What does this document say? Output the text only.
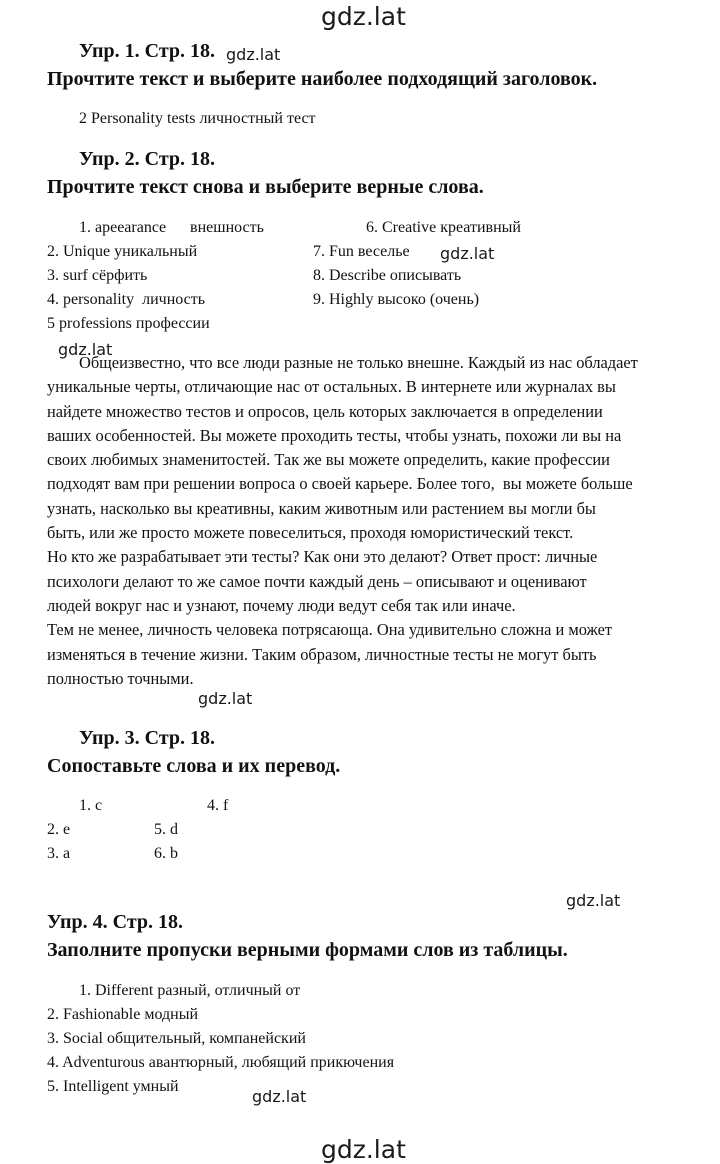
gdz.lat
gdz.lat
gdz.lat
gdz.lat
gdz.lat
gdz.lat
gdz.lat
gdz.lat
Упр. 1. Стр. 18.
Прочтите текст и выберите наиболее подходящий заголовок.
2 Personality tests личностный тест
Упр. 2. Стр. 18.
Прочтите текст снова и выберите верные слова.
1. apeearance      внешность
2. Unique уникальный
3. surf сёрфить
4. personality  личность
5 professions профессии
6. Creative креативный
7. Fun веселье
8. Describe описывать
9. Highly высоко (очень)
Общеизвестно, что все люди разные не только внешне. Каждый из нас обладает
уникальные черты, отличающие нас от остальных. В интернете или журналах вы
найдете множество тестов и опросов, цель которых заключается в определении
ваших особенностей. Вы можете проходить тесты, чтобы узнать, похожи ли вы на
своих любимых знаменитостей. Так же вы можете определить, какие профессии
подходят вам при решении вопроса о своей карьере. Более того,  вы можете больше
узнать, насколько вы креативны, каким животным или растением вы могли бы
быть, или же просто можете повеселиться, проходя юмористический текст.
Но кто же разрабатывает эти тесты? Как они это делают? Ответ прост: личные
психологи делают то же самое почти каждый день – описывают и оценивают
людей вокруг нас и узнают, почему люди ведут себя так или иначе.
Тем не менее, личность человека потрясающа. Она удивительно сложна и может
изменяться в течение жизни. Таким образом, личностные тесты не могут быть
полностью точными.
Упр. 3. Стр. 18.
Сопоставьте слова и их перевод.
1. c
2. e
3. a
4. f
5. d
6. b
Упр. 4. Стр. 18.
Заполните пропуски верными формами слов из таблицы.
1. Different разный, отличный от
2. Fashionable модный
3. Social общительный, компанейский
4. Adventurous авантюрный, любящий прикючения
5. Intelligent умный
